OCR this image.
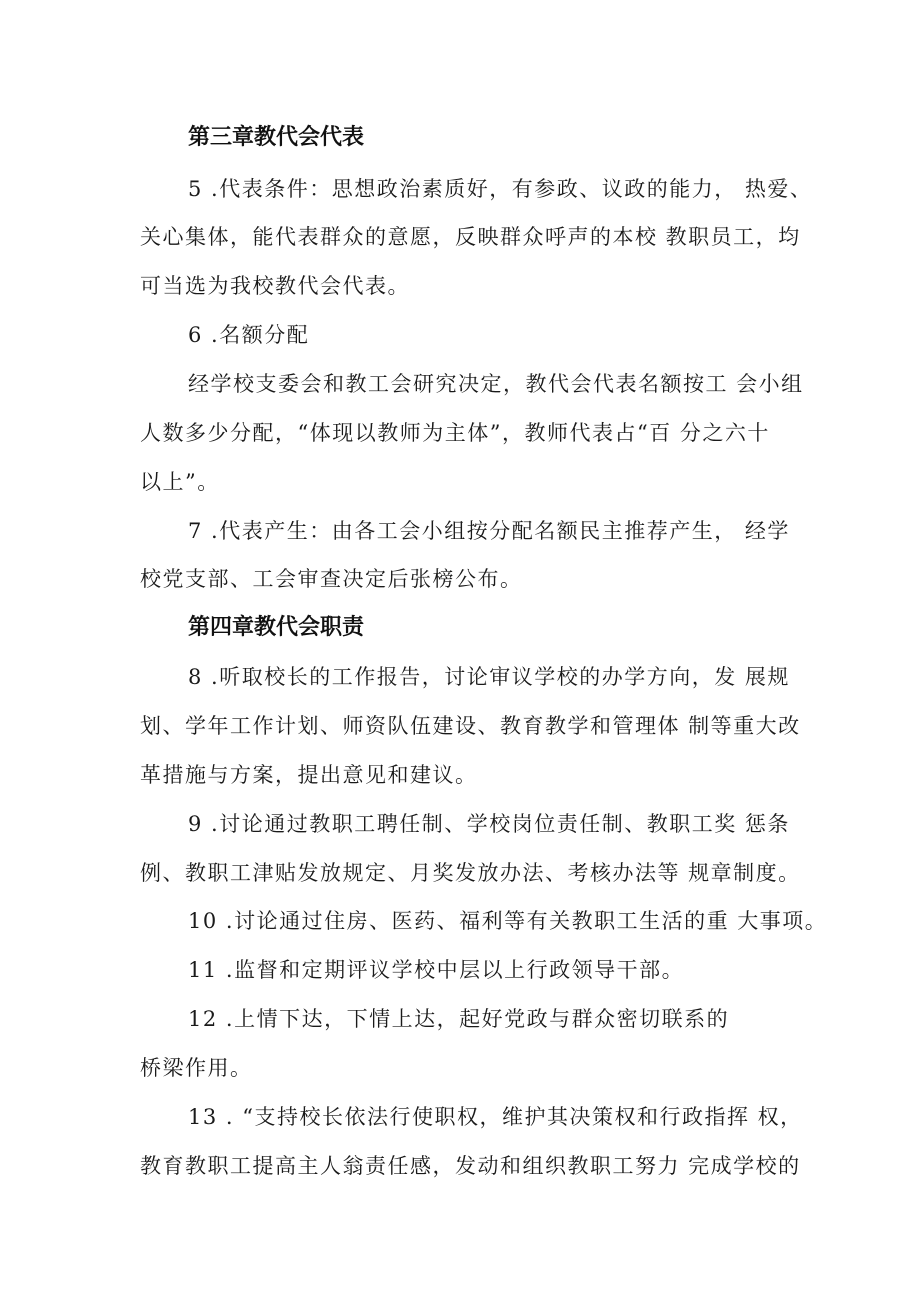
第三章教代会代表
5 .代表条件：思想政治素质好，有参政、议政的能力， 热爱、
关心集体，能代表群众的意愿，反映群众呼声的本校 教职员工，均
可当选为我校教代会代表。
6 .名额分配
经学校支委会和教工会研究决定，教代会代表名额按工 会小组
人数多少分配，“体现以教师为主体”，教师代表占“百 分之六十
以上”。
7 .代表产生：由各工会小组按分配名额民主推荐产生， 经学
校党支部、工会审查决定后张榜公布。
第四章教代会职责
8 .听取校长的工作报告，讨论审议学校的办学方向，发 展规
划、学年工作计划、师资队伍建设、教育教学和管理体 制等重大改
革措施与方案，提出意见和建议。
9 .讨论通过教职工聘任制、学校岗位责任制、教职工奖 惩条
例、教职工津贴发放规定、月奖发放办法、考核办法等 规章制度。
10 .讨论通过住房、医药、福利等有关教职工生活的重 大事项。
11 .监督和定期评议学校中层以上行政领导干部。
12 .上情下达，下情上达，起好党政与群众密切联系的
桥梁作用。
13 . “支持校长依法行使职权，维护其决策权和行政指挥 权，
教育教职工提高主人翁责任感，发动和组织教职工努力 完成学校的
